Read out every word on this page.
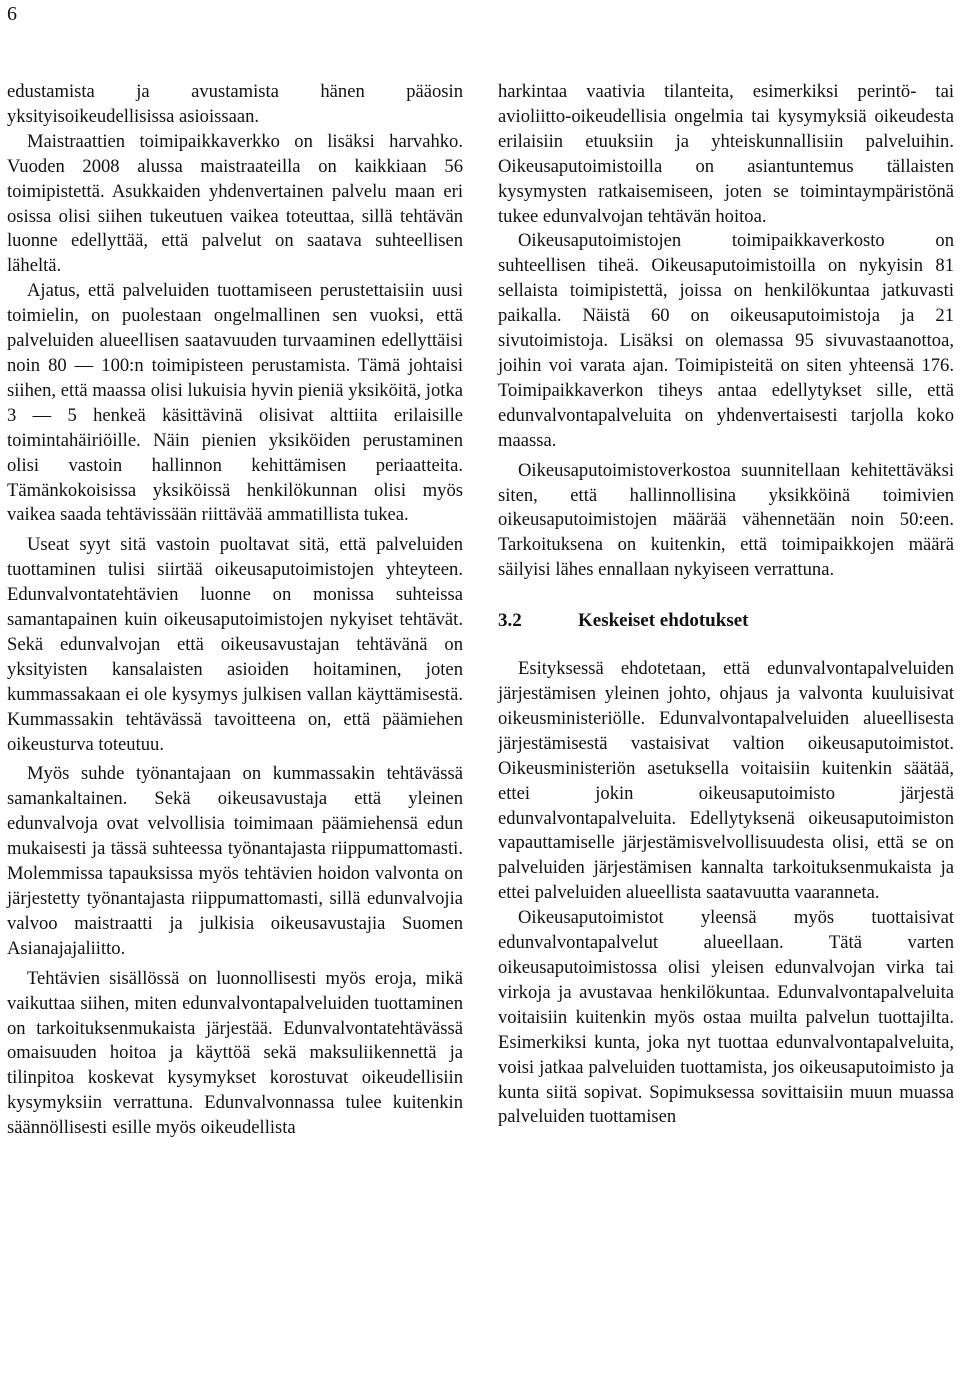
6

edustamista ja avustamista hänen pääosin yksityisoikeudellisissa asioissaan.

Maistraattien toimipaikkaverkko on lisäksi harvahko. Vuoden 2008 alussa maistraateilla on kaikkiaan 56 toimipistettä. Asukkaiden yhdenvertainen palvelu maan eri osissa olisi siihen tukeutuen vaikea toteuttaa, sillä tehtävän luonne edellyttää, että palvelut on saatava suhteellisen läheltä.

Ajatus, että palveluiden tuottamiseen perustettaisiin uusi toimielin, on puolestaan ongelmallinen sen vuoksi, että palveluiden alueellisen saatavuuden turvaaminen edellyttäisi noin 80 — 100:n toimipisteen perustamista. Tämä johtaisi siihen, että maassa olisi lukuisia hyvin pieniä yksiköitä, jotka 3 — 5 henkeä käsittävinä olisivat alttiita erilaisille toimintahäiriöille. Näin pienien yksiköiden perustaminen olisi vastoin hallinnon kehittämisen periaatteita. Tämänkokoisissa yksiköissä henkilökunnan olisi myös vaikea saada tehtävissään riittävää ammatillista tukea.

Useat syyt sitä vastoin puoltavat sitä, että palveluiden tuottaminen tulisi siirtää oikeusaputoimistojen yhteyteen. Edunvalvontatehtävien luonne on monissa suhteissa samantapainen kuin oikeusaputoimistojen nykyiset tehtävät. Sekä edunvalvojan että oikeusavustajan tehtävänä on yksityisten kansalaisten asioiden hoitaminen, joten kummassakaan ei ole kysymys julkisen vallan käyttämisestä. Kummassakin tehtävässä tavoitteena on, että päämiehen oikeusturva toteutuu.

Myös suhde työnantajaan on kummassakin tehtävässä samankaltainen. Sekä oikeusavustaja että yleinen edunvalvoja ovat velvollisia toimimaan päämiehensä edun mukaisesti ja tässä suhteessa työnantajasta riippumattomasti. Molemmissa tapauksissa myös tehtävien hoidon valvonta on järjestetty työnantajasta riippumattomasti, sillä edunvalvojia valvoo maistraatti ja julkisia oikeusavustajia Suomen Asianajajaliitto.

Tehtävien sisällössä on luonnollisesti myös eroja, mikä vaikuttaa siihen, miten edunvalvontapalveluiden tuottaminen on tarkoituksenmukaista järjestää. Edunvalvontatehtävässä omaisuuden hoitoa ja käyttöä sekä maksuliikennettä ja tilinpitoa koskevat kysymykset korostuvat oikeudellisiin kysymyksiin verrattuna. Edunvalvonnassa tulee kuitenkin säännöllisesti esille myös oikeudellista

harkintaa vaativia tilanteita, esimerkiksi perintö- tai avioliitto-oikeudellisia ongelmia tai kysymyksiä oikeudesta erilaisiin etuuksiin ja yhteiskunnallisiin palveluihin. Oikeusaputoimistoilla on asiantuntemus tällaisten kysymysten ratkaisemiseen, joten se toimintaympäristönä tukee edunvalvojan tehtävän hoitoa.

Oikeusaputoimistojen toimipaikkaverkosto on suhteellisen tiheä. Oikeusaputoimistoilla on nykyisin 81 sellaista toimipistettä, joissa on henkilökuntaa jatkuvasti paikalla. Näistä 60 on oikeusaputoimistoja ja 21 sivutoimistoja. Lisäksi on olemassa 95 sivuvastaanottoa, joihin voi varata ajan. Toimipisteitä on siten yhteensä 176. Toimipaikkaverkon tiheys antaa edellytykset sille, että edunvalvontapalveluita on yhdenvertaisesti tarjolla koko maassa.

Oikeusaputoimistoverkostoa suunnitellaan kehitettäväksi siten, että hallinnollisina yksikköinä toimivien oikeusaputoimistojen määrää vähennetään noin 50:een. Tarkoituksena on kuitenkin, että toimipaikkojen määrä säilyisi lähes ennallaan nykyiseen verrattuna.

3.2	Keskeiset ehdotukset

Esityksessä ehdotetaan, että edunvalvontapalveluiden järjestämisen yleinen johto, ohjaus ja valvonta kuuluisivat oikeusministeriölle. Edunvalvontapalveluiden alueellisesta järjestämisestä vastaisivat valtion oikeusaputoimistot. Oikeusministeriön asetuksella voitaisiin kuitenkin säätää, ettei jokin oikeusaputoimisto järjestä edunvalvontapalveluita. Edellytyksenä oikeusaputoimiston vapauttamiselle järjestämisvelvollisuudesta olisi, että se on palveluiden järjestämisen kannalta tarkoituksenmukaista ja ettei palveluiden alueellista saatavuutta vaaranneta.

Oikeusaputoimistot yleensä myös tuottaisivat edunvalvontapalvelut alueellaan. Tätä varten oikeusaputoimistossa olisi yleisen edunvalvojan virka tai virkoja ja avustavaa henkilökuntaa. Edunvalvontapalveluita voitaisiin kuitenkin myös ostaa muilta palvelun tuottajilta. Esimerkiksi kunta, joka nyt tuottaa edunvalvontapalveluita, voisi jatkaa palveluiden tuottamista, jos oikeusaputoimisto ja kunta siitä sopivat. Sopimuksessa sovittaisiin muun muassa palveluiden tuottamisen
